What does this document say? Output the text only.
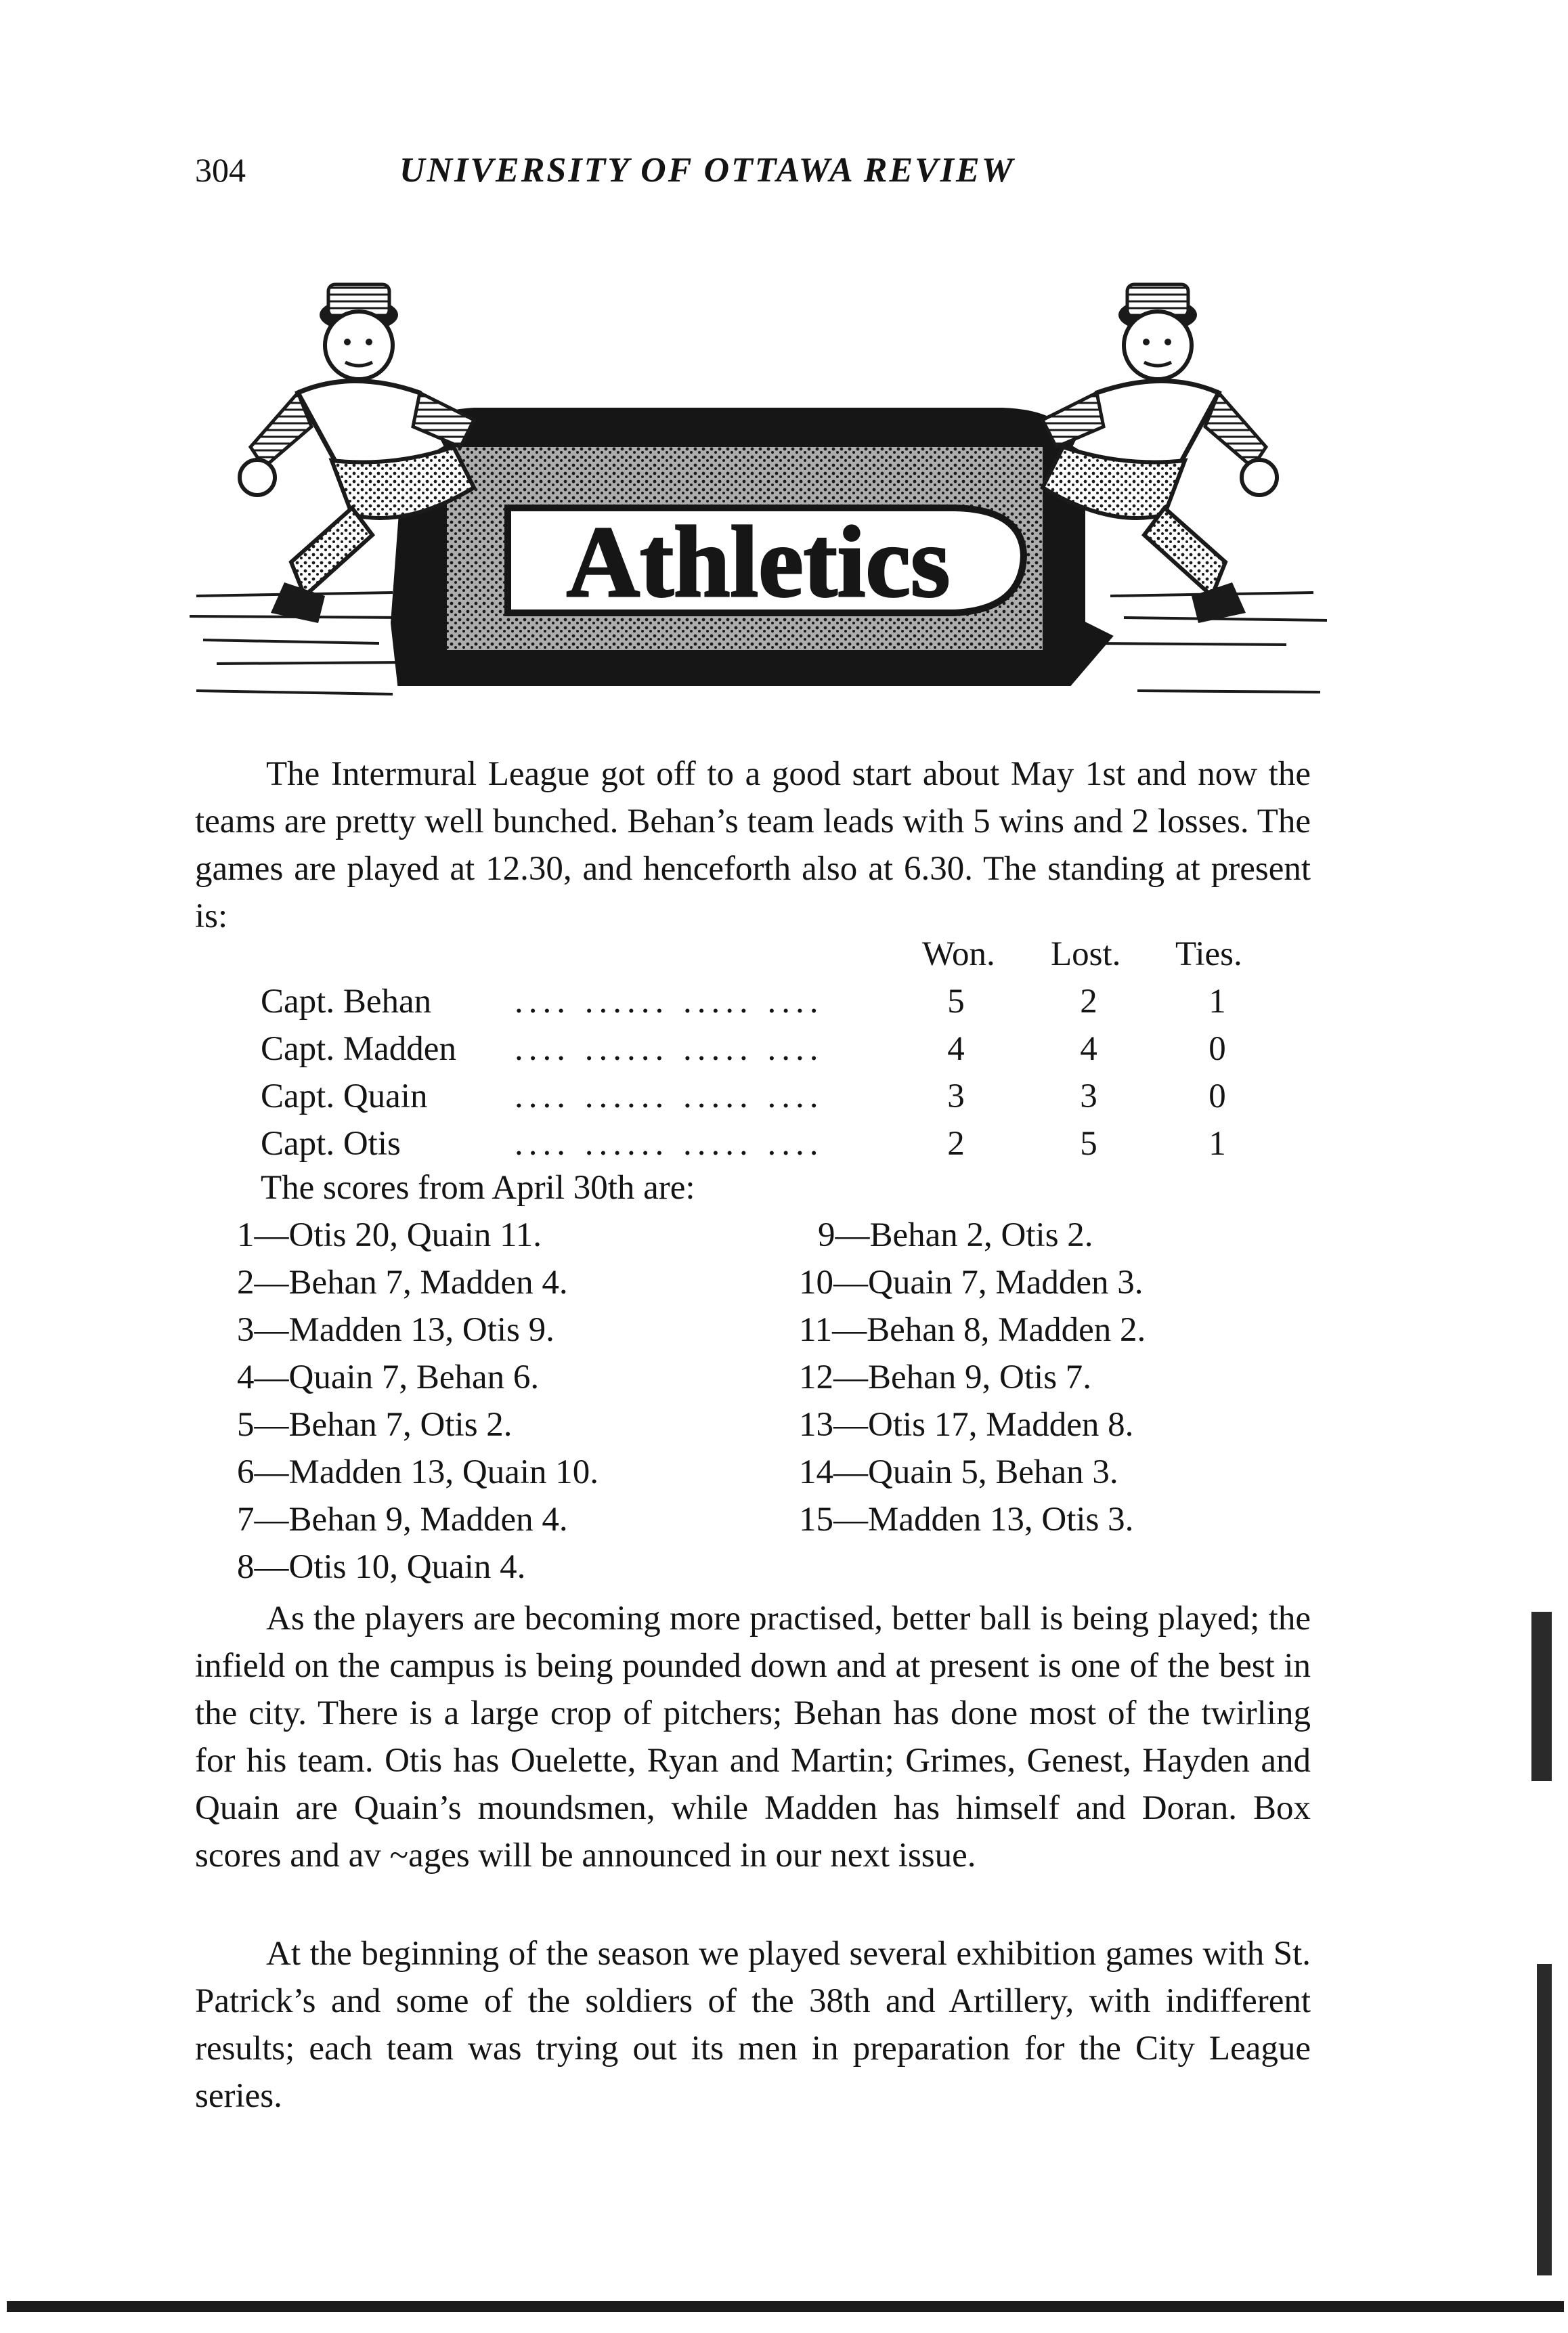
304	UNIVERSITY OF OTTAWA REVIEW
Athletics

The Intermural League got off to a good start about May 1st and now the teams are pretty well bunched. Behan’s team leads with 5 wins and 2 losses. The games are played at 12.30, and henceforth also at 6.30. The standing at present is:

Won. Lost. Ties.
Capt. Behan .... ...... ..... ....	5	2	1
Capt. Madden .... ...... ..... ....	4	4	0
Capt. Quain	.... ...... ..... ....	3	3	0
Capt. Otis	.... ...... ..... ....	2	5	1
The scores from April 30th are:
1—Otis 20, Quain 11.
2—Behan 7, Madden 4.
3—Madden 13, Otis 9.
4—Quain 7, Behan 6.
5—Behan 7, Otis 2.
6—Madden 13, Quain 10.
7—Behan 9, Madden 4.
8—Otis 10, Quain 4.
9—Behan 2, Otis 2.
10—Quain 7, Madden 3.
11—Behan 8, Madden 2.
12—Behan 9, Otis 7.
13—Otis 17, Madden 8.
14—Quain 5, Behan 3.
15—Madden 13, Otis 3.

As the players are becoming more practised, better ball is being played; the infield on the campus is being pounded down and at present is one of the best in the city. There is a large crop of pitchers; Behan has done most of the twirling for his team. Otis has Ouelette, Ryan and Martin; Grimes, Genest, Hayden and Quain are Quain’s moundsmen, while Madden has himself and Doran. Box scores and av ~ages will be announced in our next issue.

At the beginning of the season we played several exhibition games with St. Patrick’s and some of the soldiers of the 38th and Artillery, with indifferent results; each team was trying out its men in preparation for the City League series.
